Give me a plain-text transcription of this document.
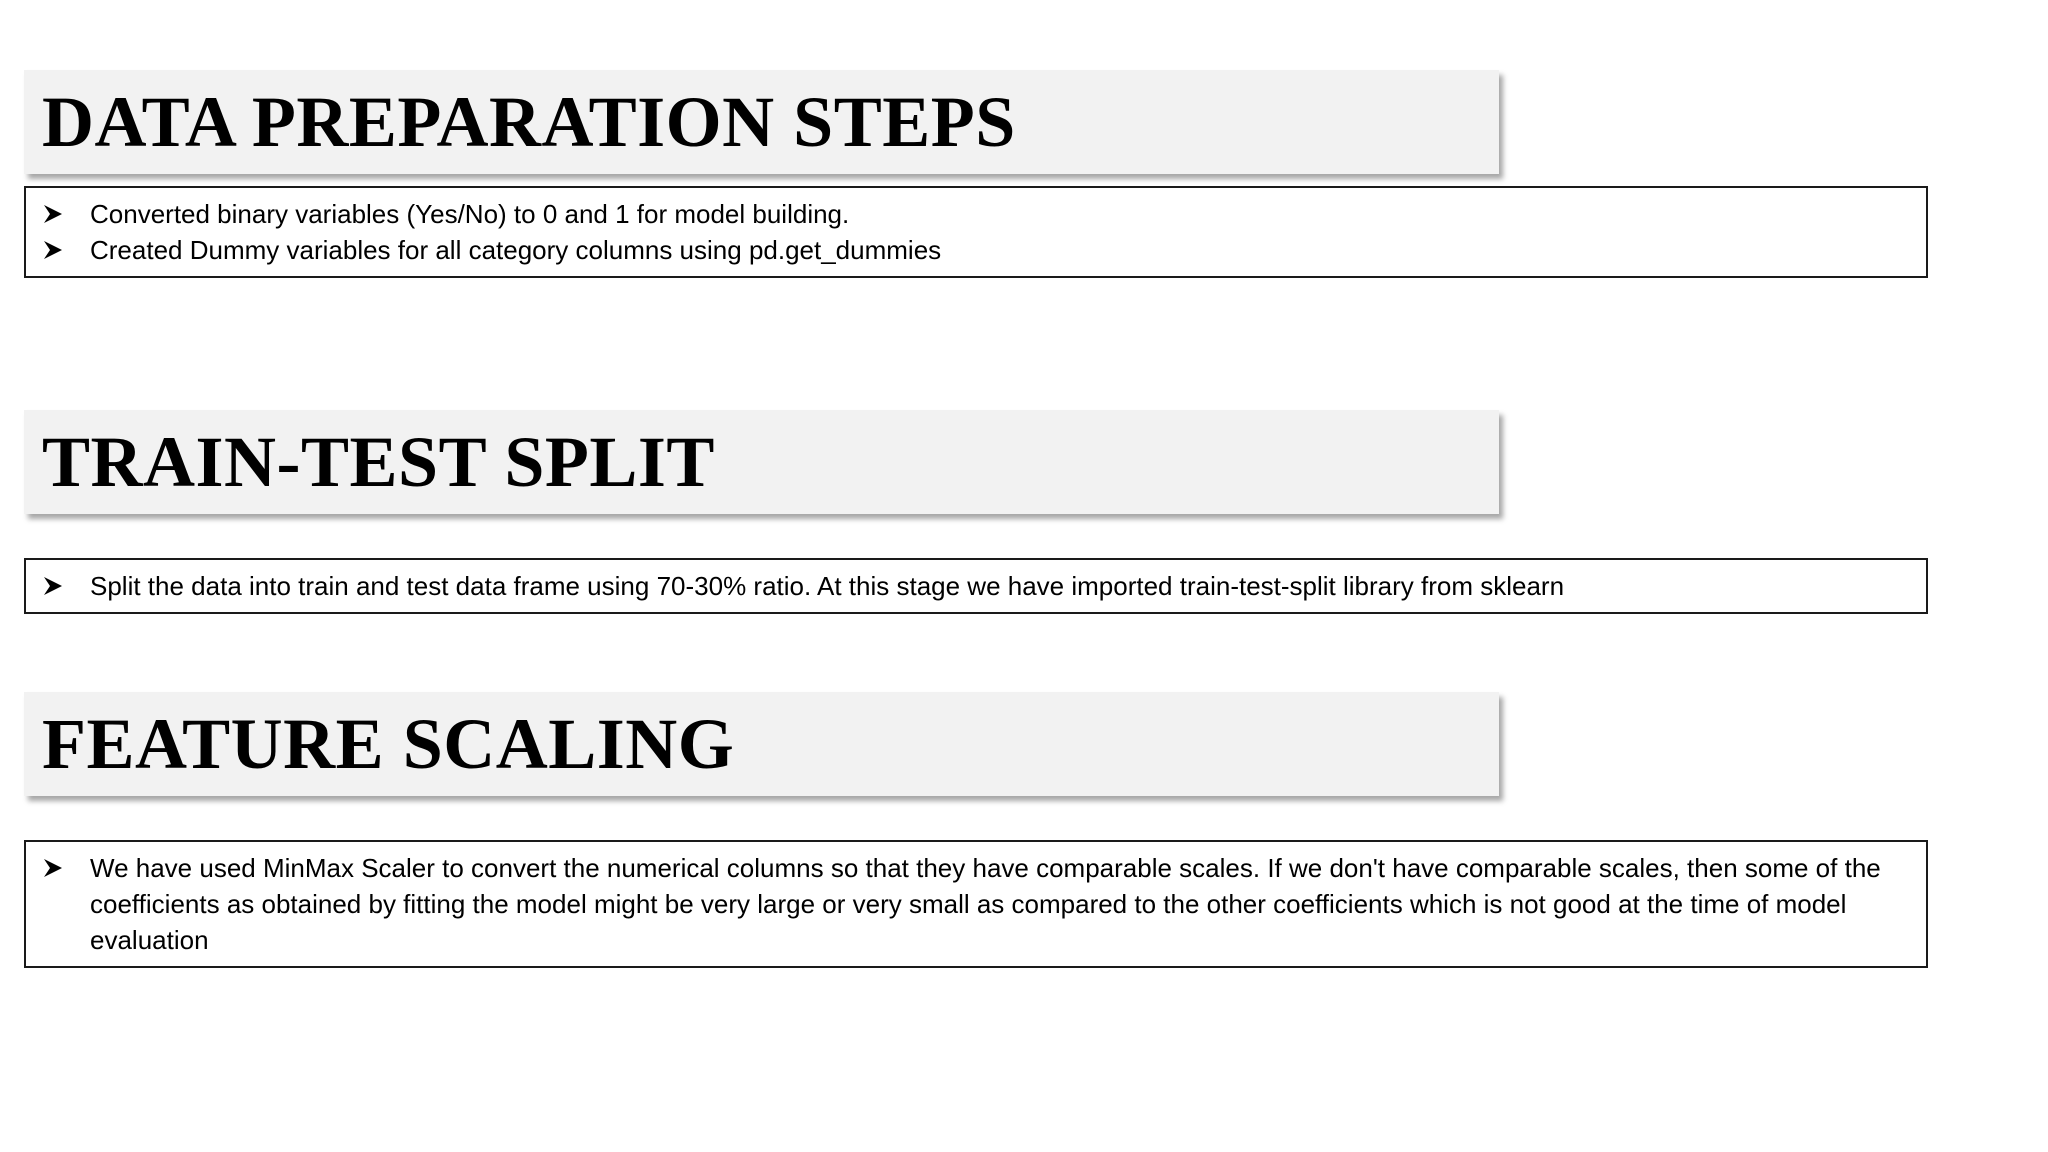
DATA PREPARATION STEPS
Converted binary variables (Yes/No) to 0 and 1 for model building.
Created Dummy variables for all category columns using pd.get_dummies
TRAIN-TEST SPLIT
Split the data into train and test data frame using 70-30% ratio. At this stage we have imported train-test-split library from sklearn
FEATURE SCALING
We have used MinMax Scaler to convert the numerical columns so that they have comparable scales. If we don't have comparable scales, then some of the coefficients as obtained by fitting the model might be very large or very small as compared to the other coefficients which is not good at the time of model evaluation
